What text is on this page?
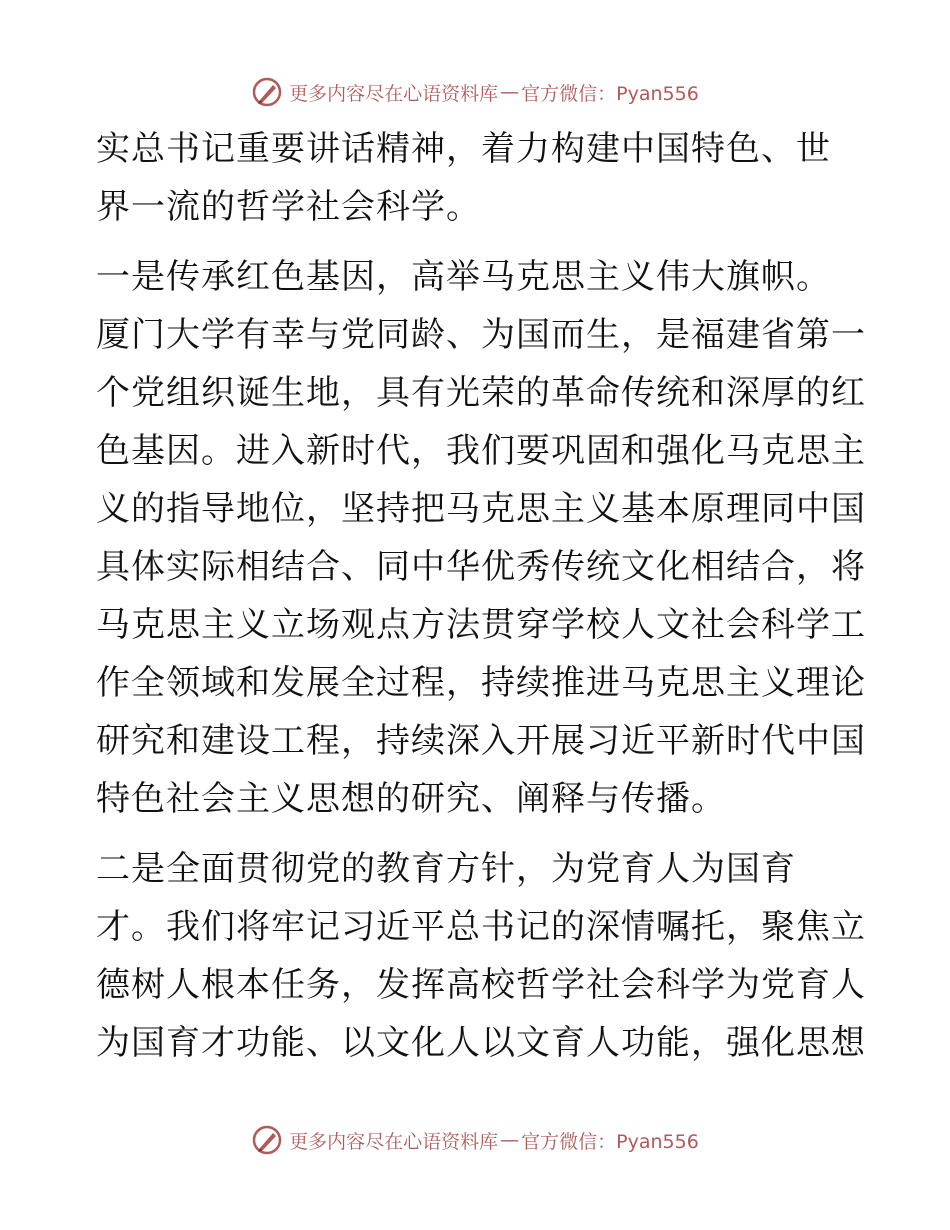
更多内容尽在心语资料库 — 官方微信：Pyan556
实总书记重要讲话精神，着力构建中国特色、世
界一流的哲学社会科学。
一是传承红色基因，高举马克思主义伟大旗帜。
厦门大学有幸与党同龄、为国而生，是福建省第一
个党组织诞生地，具有光荣的革命传统和深厚的红
色基因。进入新时代，我们要巩固和强化马克思主
义的指导地位，坚持把马克思主义基本原理同中国
具体实际相结合、同中华优秀传统文化相结合，将
马克思主义立场观点方法贯穿学校人文社会科学工
作全领域和发展全过程，持续推进马克思主义理论
研究和建设工程，持续深入开展习近平新时代中国
特色社会主义思想的研究、阐释与传播。
二是全面贯彻党的教育方针，为党育人为国育
才。我们将牢记习近平总书记的深情嘱托，聚焦立
德树人根本任务，发挥高校哲学社会科学为党育人
为国育才功能、以文化人以文育人功能，强化思想
更多内容尽在心语资料库 — 官方微信：Pyan556
